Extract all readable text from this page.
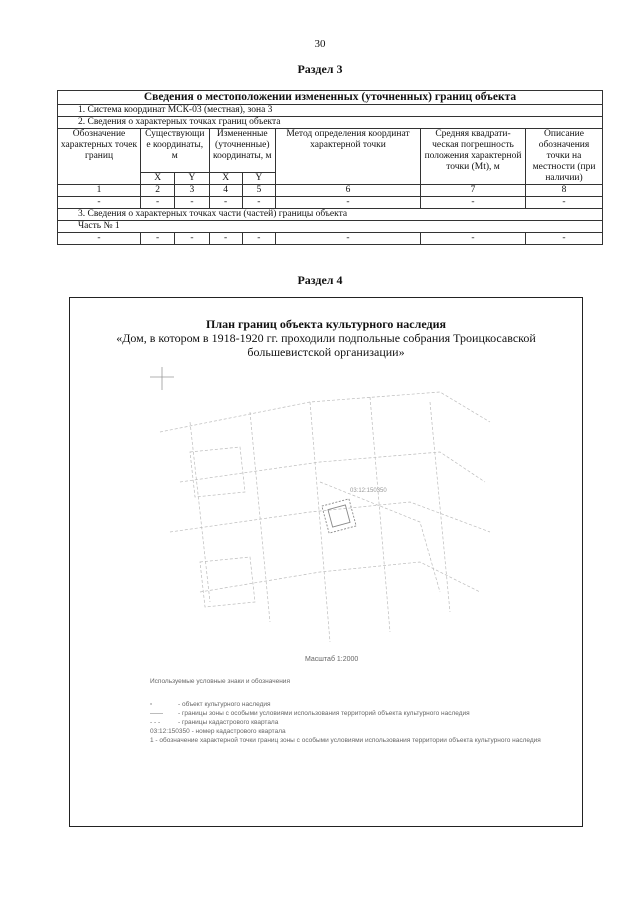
30
Раздел 3
Сведения о местоположении измененных (уточненных) границ объекта							
1. Система координат МСК-03 (местная), зона 3							
2. Сведения о характерных точках границ объекта							
Обозначение характерных точек границ	Существующи е координаты, м		Измененные (уточненные) координаты, м		Метод определения координат характерной точки	Средняя квадрати- ческая погрешность положения характерной точки (Mt), м	Описание обозначения точки на местности (при наличии)
	X	Y	X	Y			
1	2	3	4	5	6	7	8
-	-	-	-	-	-	-	-
3. Сведения о характерных точках части (частей) границы объекта							
Часть № 1							
-	-	-	-	-	-	-	-
Раздел 4
План границ объекта культурного наследия
«Дом, в котором в 1918-1920 гг. проходили подпольные собрания Троицкосавской
большевистской организации»
03:12:150350
Масштаб 1:2000
Используемые условные знаки и обозначения
▫	- объект культурного наследия
——	- границы зоны с особыми условиями использования территорий объекта культурного наследия
‐ ‐ ‐	- границы кадастрового квартала
03:12:150350 - номер кадастрового квартала
1 - обозначение характерной точки границ зоны с особыми условиями использования территории объекта культурного наследия
